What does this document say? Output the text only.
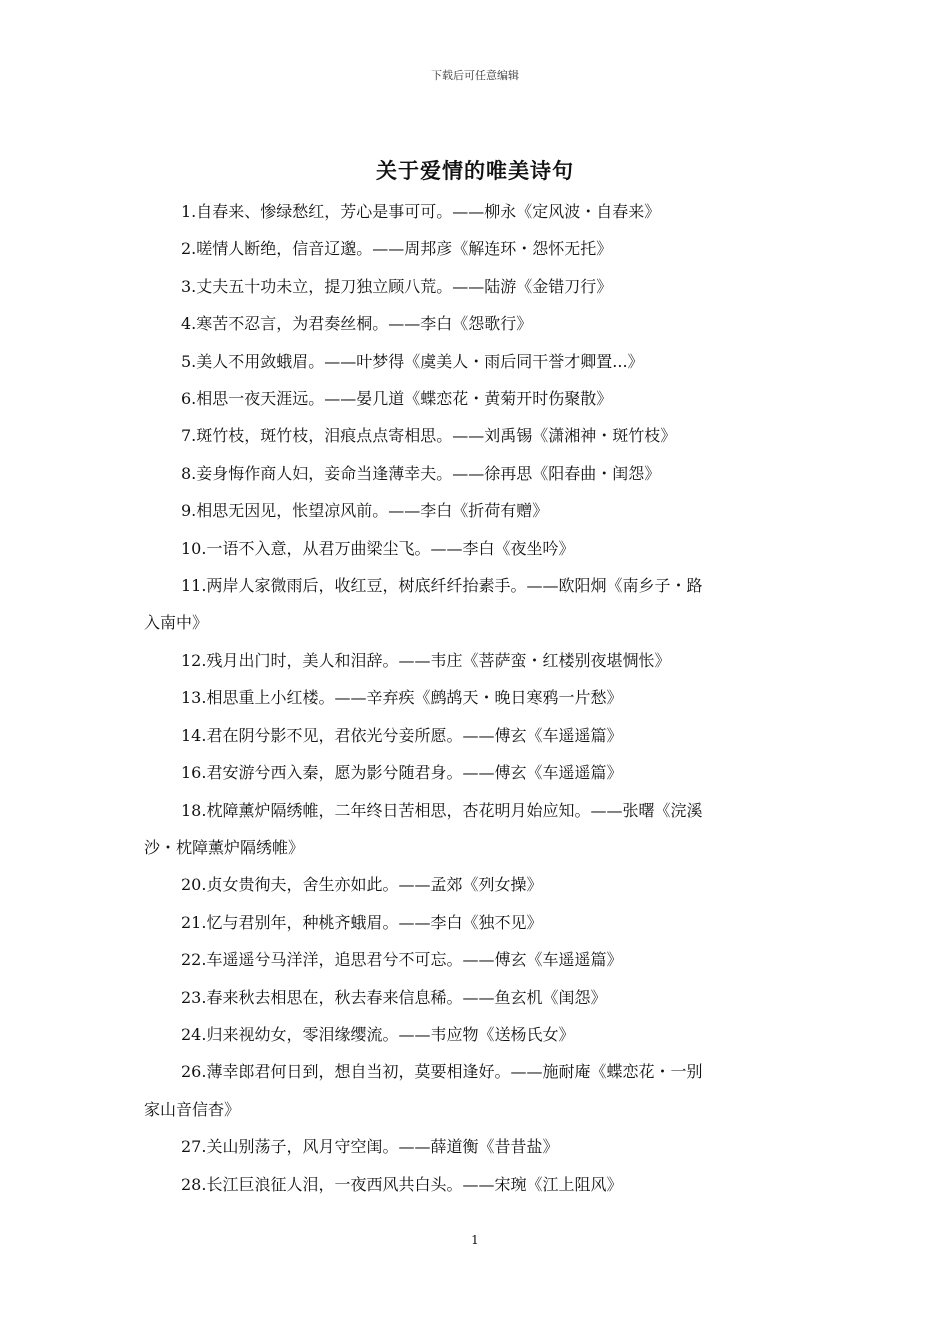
下载后可任意编辑
关于爱情的唯美诗句
1.自春来、惨绿愁红，芳心是事可可。——柳永《定风波・自春来》
2.嗟情人断绝，信音辽邈。——周邦彦《解连环・怨怀无托》
3.丈夫五十功未立，提刀独立顾八荒。——陆游《金错刀行》
4.寒苦不忍言，为君奏丝桐。——李白《怨歌行》
5.美人不用敛蛾眉。——叶梦得《虞美人・雨后同干誉才卿置...》
6.相思一夜天涯远。——晏几道《蝶恋花・黄菊开时伤聚散》
7.斑竹枝，斑竹枝，泪痕点点寄相思。——刘禹锡《潇湘神・斑竹枝》
8.妾身悔作商人妇，妾命当逢薄幸夫。——徐再思《阳春曲・闺怨》
9.相思无因见，怅望凉风前。——李白《折荷有赠》
10.一语不入意，从君万曲梁尘飞。——李白《夜坐吟》
11.两岸人家微雨后，收红豆，树底纤纤抬素手。——欧阳炯《南乡子・路
入南中》
12.残月出门时，美人和泪辞。——韦庄《菩萨蛮・红楼别夜堪惆怅》
13.相思重上小红楼。——辛弃疾《鹧鸪天・晚日寒鸦一片愁》
14.君在阴兮影不见，君依光兮妾所愿。——傅玄《车遥遥篇》
16.君安游兮西入秦，愿为影兮随君身。——傅玄《车遥遥篇》
18.枕障薰炉隔绣帷，二年终日苦相思，杏花明月始应知。——张曙《浣溪
沙・枕障薰炉隔绣帷》
20.贞女贵徇夫，舍生亦如此。——孟郊《列女操》
21.忆与君别年，种桃齐蛾眉。——李白《独不见》
22.车遥遥兮马洋洋，追思君兮不可忘。——傅玄《车遥遥篇》
23.春来秋去相思在，秋去春来信息稀。——鱼玄机《闺怨》
24.归来视幼女，零泪缘缨流。——韦应物《送杨氏女》
26.薄幸郎君何日到，想自当初，莫要相逢好。——施耐庵《蝶恋花・一别
家山音信杳》
27.关山别荡子，风月守空闺。——薛道衡《昔昔盐》
28.长江巨浪征人泪，一夜西风共白头。——宋琬《江上阻风》
1
